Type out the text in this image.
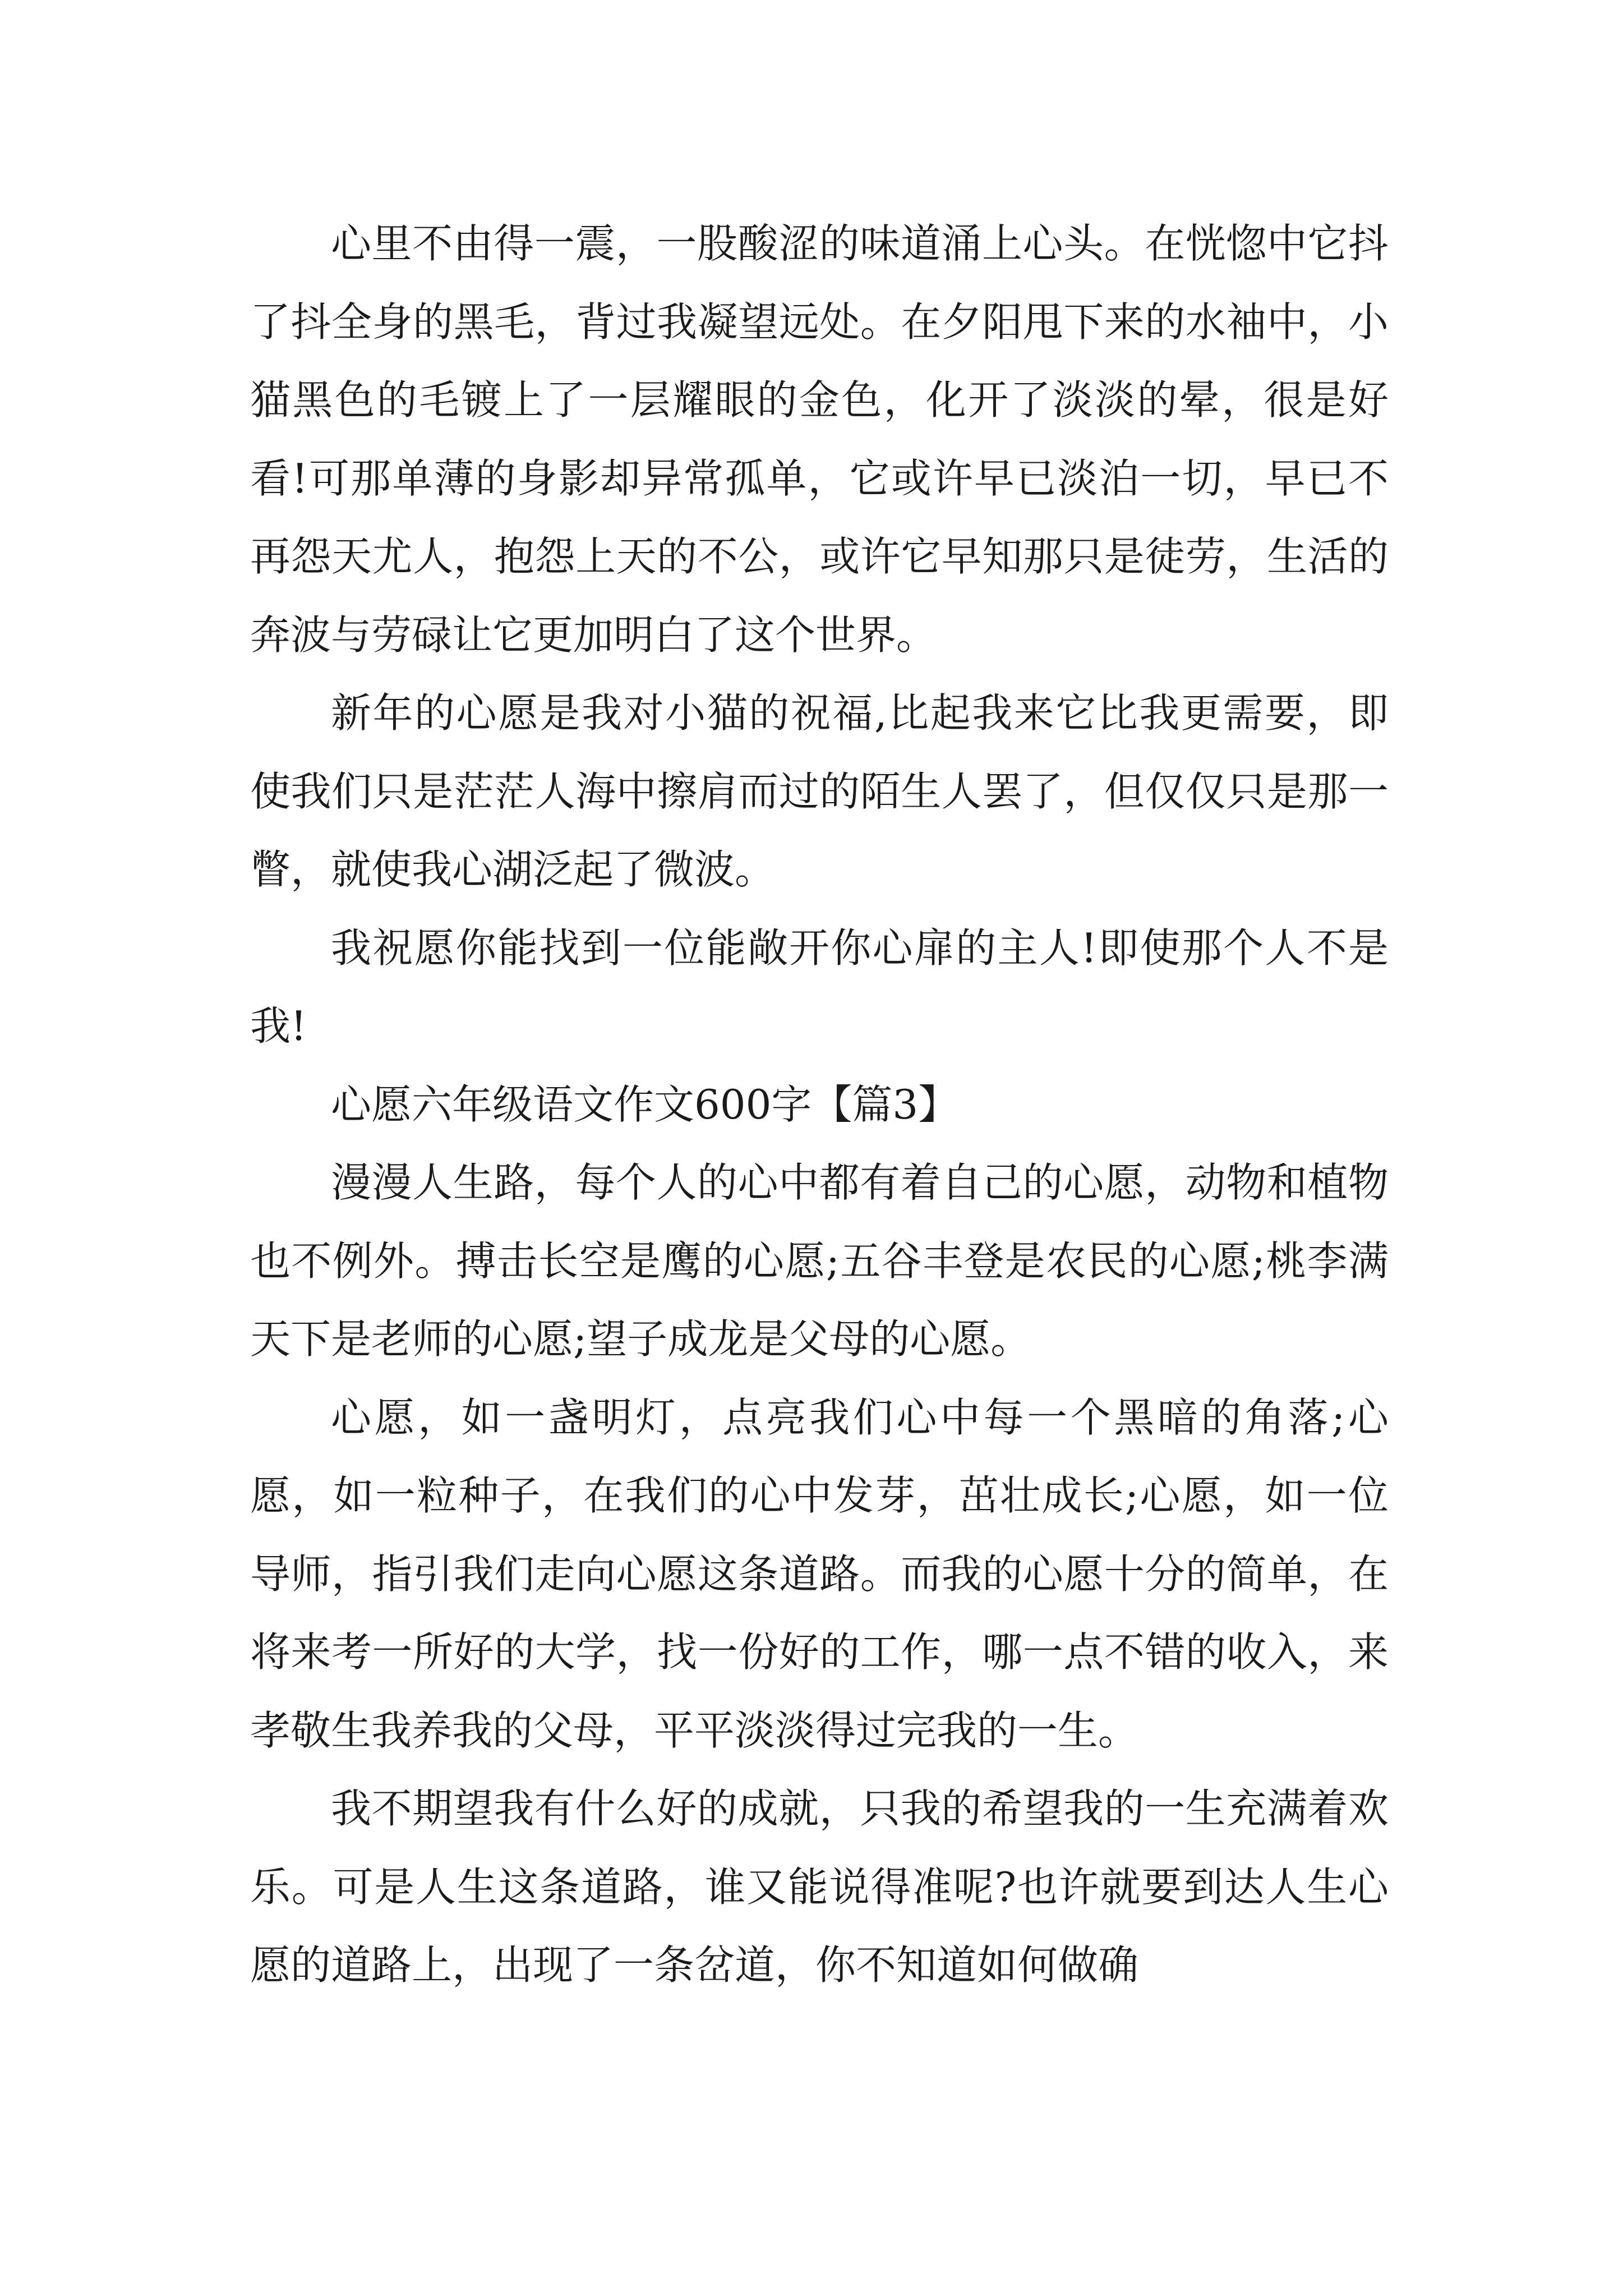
心里不由得一震，一股酸涩的味道涌上心头。在恍惚中它抖了抖全身的黑毛，背过我凝望远处。在夕阳甩下来的水袖中，小猫黑色的毛镀上了一层耀眼的金色，化开了淡淡的晕，很是好看!可那单薄的身影却异常孤单，它或许早已淡泊一切，早已不再怨天尤人，抱怨上天的不公，或许它早知那只是徒劳，生活的奔波与劳碌让它更加明白了这个世界。

新年的心愿是我对小猫的祝福,比起我来它比我更需要，即使我们只是茫茫人海中擦肩而过的陌生人罢了，但仅仅只是那一瞥，就使我心湖泛起了微波。

我祝愿你能找到一位能敞开你心扉的主人!即使那个人不是我!

心愿六年级语文作文600字【篇3】

漫漫人生路，每个人的心中都有着自己的心愿，动物和植物也不例外。搏击长空是鹰的心愿;五谷丰登是农民的心愿;桃李满天下是老师的心愿;望子成龙是父母的心愿。

心愿，如一盏明灯，点亮我们心中每一个黑暗的角落;心愿，如一粒种子，在我们的心中发芽，茁壮成长;心愿，如一位导师，指引我们走向心愿这条道路。而我的心愿十分的简单，在将来考一所好的大学，找一份好的工作，哪一点不错的收入，来孝敬生我养我的父母，平平淡淡得过完我的一生。

我不期望我有什么好的成就，只我的希望我的一生充满着欢乐。可是人生这条道路，谁又能说得准呢?也许就要到达人生心愿的道路上，出现了一条岔道，你不知道如何做确
